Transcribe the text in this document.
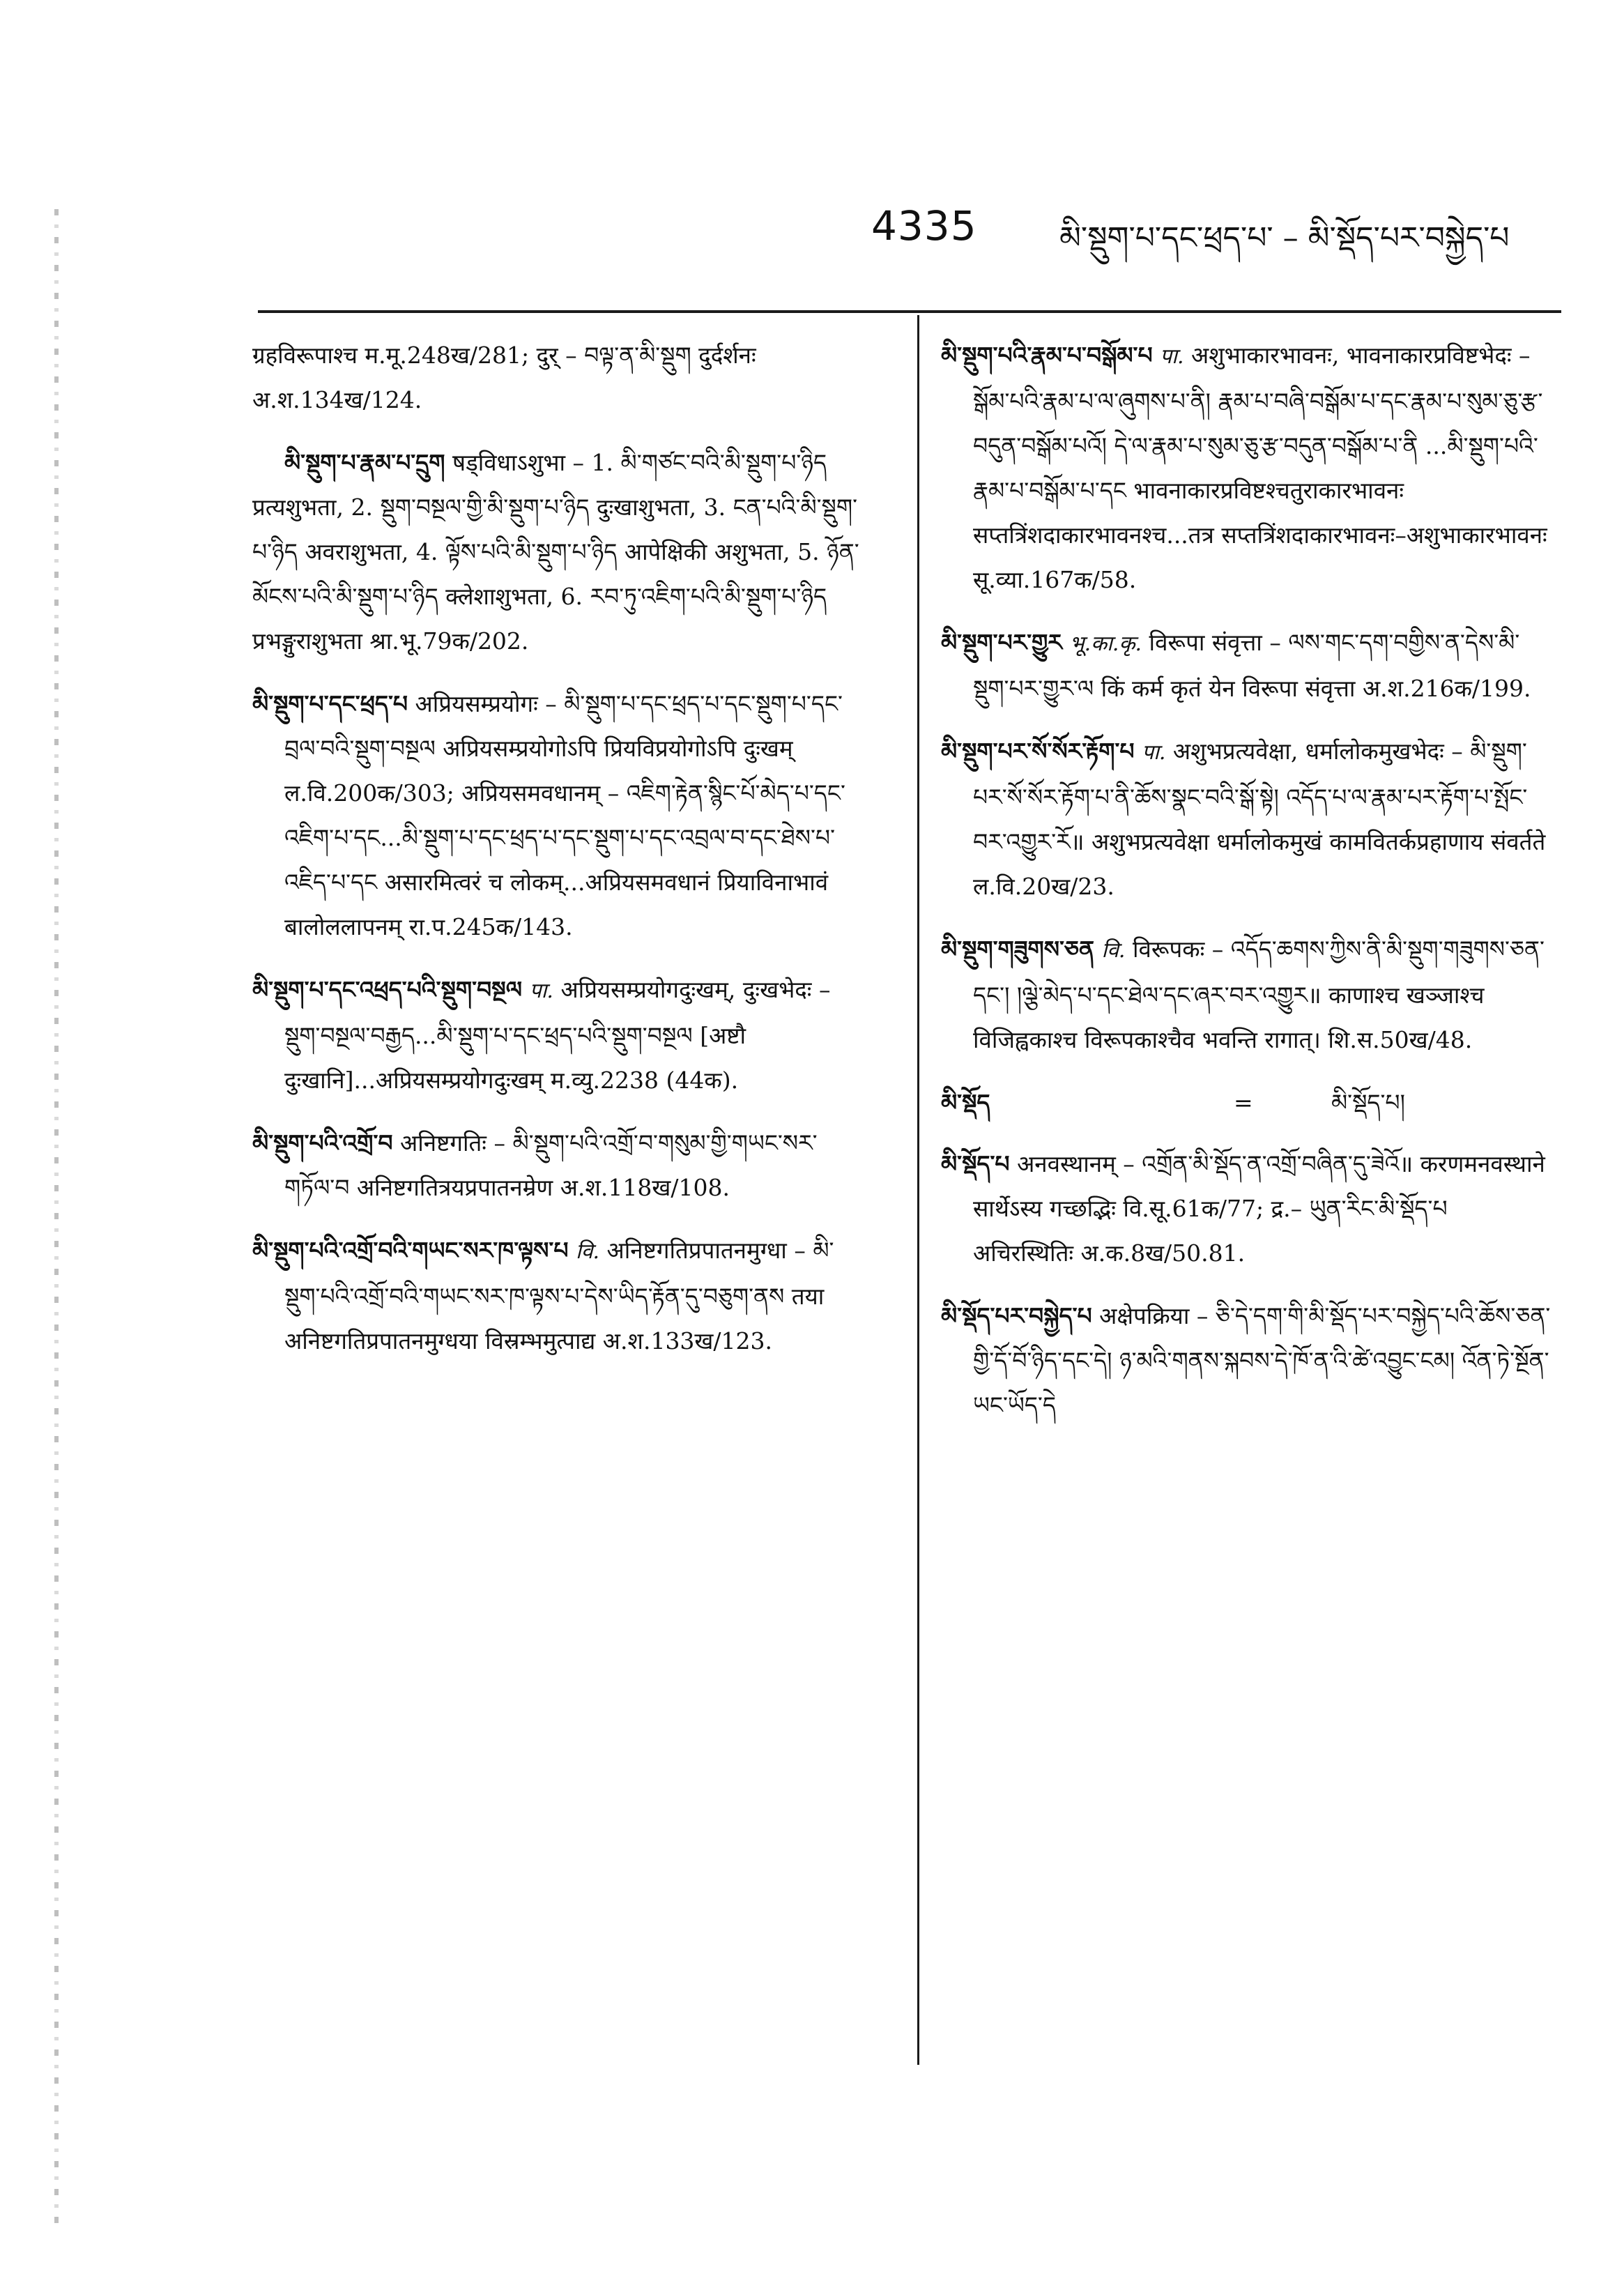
4335	མི་སྡུག་པ་དང་ཕྲད་པ་ – མི་སྡོད་པར་བསྐྱེད་པ

ग्रहविरूपाश्च म.मू.248ख/281; दुर् – བལྟ་ན་མི་སྡུག दुर्दर्शनः अ.श.134ख/124.

མི་སྡུག་པ་རྣམ་པ་དྲུག षड्विधाऽशुभा – 1. མི་གཙང་བའི་མི་སྡུག་པ་ཉིད प्रत्यशुभता, 2. སྡུག་བསྔལ་གྱི་མི་སྡུག་པ་ཉིད दुःखाशुभता, 3. ངན་པའི་མི་སྡུག་པ་ཉིད अवराशुभता, 4. ལྟོས་པའི་མི་སྡུག་པ་ཉིད आपेक्षिकी अशुभता, 5. ཉོན་མོངས་པའི་མི་སྡུག་པ་ཉིད क्लेशाशुभता, 6. རབ་ཏུ་འཇིག་པའི་མི་སྡུག་པ་ཉིད प्रभङ्गुराशुभता श्रा.भू.79क/202.

མི་སྡུག་པ་དང་ཕྲད་པ अप्रियसम्प्रयोगः – མི་སྡུག་པ་དང་ཕྲད་པ་དང་སྡུག་པ་དང་བྲལ་བའི་སྡུག་བསྔལ अप्रियसम्प्रयोगोऽपि प्रियविप्रयोगोऽपि दुःखम् ल.वि.200क/303; अप्रियसमवधानम् – འཇིག་རྟེན་སྙིང་པོ་མེད་པ་དང་འཇིག་པ་དང...མི་སྡུག་པ་དང་ཕྲད་པ་དང་སྡུག་པ་དང་འབྲལ་བ་དང་ཐེས་པ་འཇིད་པ་དང असारमित्वरं च लोकम्...अप्रियसमवधानं प्रियाविनाभावं बालोललापनम् रा.प.245क/143.

མི་སྡུག་པ་དང་འཕྲད་པའི་སྡུག་བསྔལ पा. अप्रियसम्प्रयोगदुःखम्, दुःखभेदः – སྡུག་བསྔལ་བརྒྱད...མི་སྡུག་པ་དང་ཕྲད་པའི་སྡུག་བསྔལ [अष्टौ दुःखानि]...अप्रियसम्प्रयोगदुःखम् म.व्यु.2238 (44क).

མི་སྡུག་པའི་འགྲོ་བ अनिष्टगतिः – མི་སྡུག་པའི་འགྲོ་བ་གསུམ་གྱི་གཡང་སར་གཏོལ་བ अनिष्टगतित्रयप्रपातनम्रेण अ.श.118ख/108.

མི་སྡུག་པའི་འགྲོ་བའི་གཡང་སར་ཁ་ལྟས་པ वि. अनिष्टगतिप्रपातनमुग्धा – མི་སྡུག་པའི་འགྲོ་བའི་གཡང་སར་ཁ་ལྟས་པ་དེས་ཡིད་རྟོན་དུ་བཅུག་ནས तया अनिष्टगतिप्रपातनमुग्धया विस्रम्भमुत्पाद्य अ.श.133ख/123.

མི་སྡུག་པའི་རྣམ་པ་བསྒོམ་པ पा. अशुभाकारभावनः, भावनाकारप्रविष्टभेदः – སྒོམ་པའི་རྣམ་པ་ལ་ཞུགས་པ་ནི། རྣམ་པ་བཞི་བསྒོམ་པ་དང་རྣམ་པ་སུམ་ཅུ་རྩ་བདུན་བསྒོམ་པའོ། དེ་ལ་རྣམ་པ་སུམ་ཅུ་རྩ་བདུན་བསྒོམ་པ་ནི ...མི་སྡུག་པའི་རྣམ་པ་བསྒོམ་པ་དང भावनाकारप्रविष्टश्चतुराकारभावनः सप्तत्रिंशदाकारभावनश्च...तत्र सप्तत्रिंशदाकारभावनः–अशुभाकारभावनः सू.व्या.167क/58.

མི་སྡུག་པར་གྱུར भू.का.कृ. विरूपा संवृत्ता – ལས་གང་དག་བགྱིས་ན་དེས་མི་སྡུག་པར་གྱུར་ལ किं कर्म कृतं येन विरूपा संवृत्ता अ.श.216क/199.

མི་སྡུག་པར་སོ་སོར་རྟོག་པ पा. अशुभप्रत्यवेक्षा, धर्मालोकमुखभेदः – མི་སྡུག་པར་སོ་སོར་རྟོག་པ་ནི་ཆོས་སྣང་བའི་སྒོ་སྟེ། འདོད་པ་ལ་རྣམ་པར་རྟོག་པ་སྤོང་བར་འགྱུར་རོ॥ अशुभप्रत्यवेक्षा धर्मालोकमुखं कामवितर्कप्रहाणाय संवर्तते ल.वि.20ख/23.

མི་སྡུག་གཟུགས་ཅན वि. विरूपकः – འདོད་ཆགས་ཀྱིས་ནི་མི་སྡུག་གཟུགས་ཅན་དང་། །ལྕེ་མེད་པ་དང་ཐེལ་དང་ཞར་བར་འགྱུར॥ काणाश्च खञ्जाश्च विजिह्वकाश्च विरूपकाश्चैव भवन्ति रागात्। शि.स.50ख/48.

མི་སྡོད	=	མི་སྡོད་པ།

མི་སྡོད་པ अनवस्थानम् – འགྲོན་མི་སྡོད་ན་འགྲོ་བཞིན་དུ་ཟེའོ॥ करणमनवस्थाने सार्थेऽस्य गच्छद्भिः वि.सू.61क/77; द्र.– ཡུན་རིང་མི་སྡོད་པ अचिरस्थितिः अ.क.8ख/50.81.

མི་སྡོད་པར་བསྐྱེད་པ अक्षेपक्रिया – ཅི་དེ་དག་གི་མི་སྡོད་པར་བསྐྱེད་པའི་ཆོས་ཅན་གྱི་དོ་བོ་ཉིད་དང་དེ། ཉ་མའི་གནས་སྐབས་དེ་ཁོ་ན་འི་ཚེ་འབྱུང་ངམ། འོན་ཏེ་སྔོན་ཡང་ཡོད་དེ
